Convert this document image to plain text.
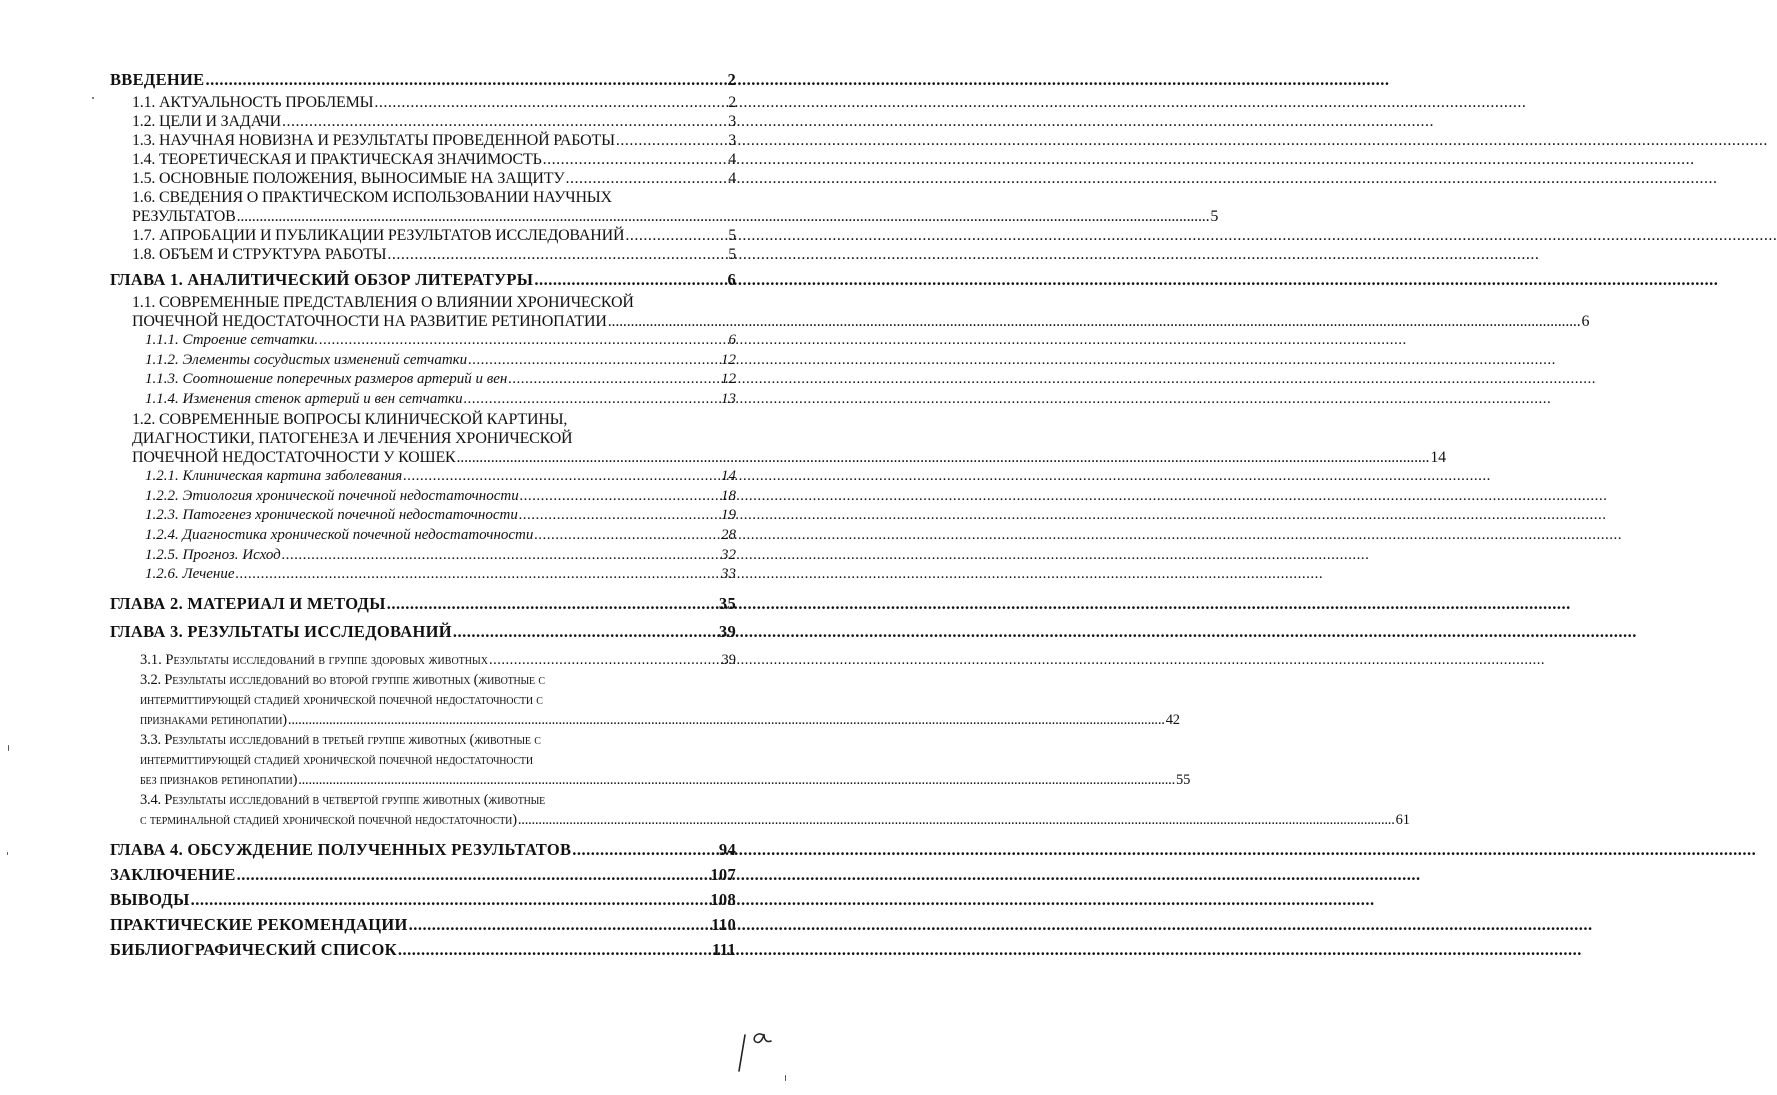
ВВЕДЕНИЕ .....	2
1.1. АКТУАЛЬНОСТЬ ПРОБЛЕМЫ .....	2
1.2. ЦЕЛИ И ЗАДАЧИ .....	3
1.3. НАУЧНАЯ НОВИЗНА И РЕЗУЛЬТАТЫ ПРОВЕДЕННОЙ РАБОТЫ .....	3
1.4. ТЕОРЕТИЧЕСКАЯ И ПРАКТИЧЕСКАЯ ЗНАЧИМОСТЬ .....	4
1.5. ОСНОВНЫЕ ПОЛОЖЕНИЯ, ВЫНОСИМЫЕ НА ЗАЩИТУ .....	4
1.6. СВЕДЕНИЯ О ПРАКТИЧЕСКОМ ИСПОЛЬЗОВАНИИ НАУЧНЫХ
РЕЗУЛЬТАТОВ .....	5
1.7. АПРОБАЦИИ И ПУБЛИКАЦИИ РЕЗУЛЬТАТОВ ИССЛЕДОВАНИЙ .....	5
1.8. ОБЪЕМ И СТРУКТУРА РАБОТЫ .....	5
ГЛАВА 1. АНАЛИТИЧЕСКИЙ ОБЗОР ЛИТЕРАТУРЫ .....	6
1.1. СОВРЕМЕННЫЕ ПРЕДСТАВЛЕНИЯ О ВЛИЯНИИ ХРОНИЧЕСКОЙ
ПОЧЕЧНОЙ НЕДОСТАТОЧНОСТИ НА РАЗВИТИЕ РЕТИНОПАТИИ .....	6
1.1.1. Строение сетчатки. .....	6
1.1.2. Элементы сосудистых изменений сетчатки .....	12
1.1.3. Соотношение поперечных размеров артерий и вен .....	12
1.1.4. Изменения стенок артерий и вен сетчатки .....	13
1.2. СОВРЕМЕННЫЕ ВОПРОСЫ КЛИНИЧЕСКОЙ КАРТИНЫ,
ДИАГНОСТИКИ, ПАТОГЕНЕЗА И ЛЕЧЕНИЯ ХРОНИЧЕСКОЙ
ПОЧЕЧНОЙ НЕДОСТАТОЧНОСТИ У КОШЕК .....	14
1.2.1. Клиническая картина заболевания .....	14
1.2.2. Этиология хронической почечной недостаточности .....	18
1.2.3. Патогенез хронической почечной недостаточности .....	19
1.2.4. Диагностика хронической почечной недостаточности .....	28
1.2.5. Прогноз. Исход .....	32
1.2.6. Лечение .....	33
ГЛАВА 2. МАТЕРИАЛ И МЕТОДЫ .....	35
ГЛАВА 3. РЕЗУЛЬТАТЫ ИССЛЕДОВАНИЙ .....	39
3.1. Результаты исследований в группе здоровых животных .....	39
3.2. Результаты исследований во второй группе животных (животные с
интермиттирующей стадией хронической почечной недостаточности с
признаками ретинопатии) .....	42
3.3. Результаты исследований в третьей группе животных (животные с
интермиттирующей стадией хронической почечной недостаточности
без признаков ретинопатии) .....	55
3.4. Результаты исследований в четвертой группе животных (животные
с терминальной стадией хронической почечной недостаточности) .....	61
ГЛАВА 4. ОБСУЖДЕНИЕ ПОЛУЧЕННЫХ РЕЗУЛЬТАТОВ .....	94
ЗАКЛЮЧЕНИЕ .....	107
ВЫВОДЫ .....	108
ПРАКТИЧЕСКИЕ РЕКОМЕНДАЦИИ .....	110
БИБЛИОГРАФИЧЕСКИЙ СПИСОК .....	111
